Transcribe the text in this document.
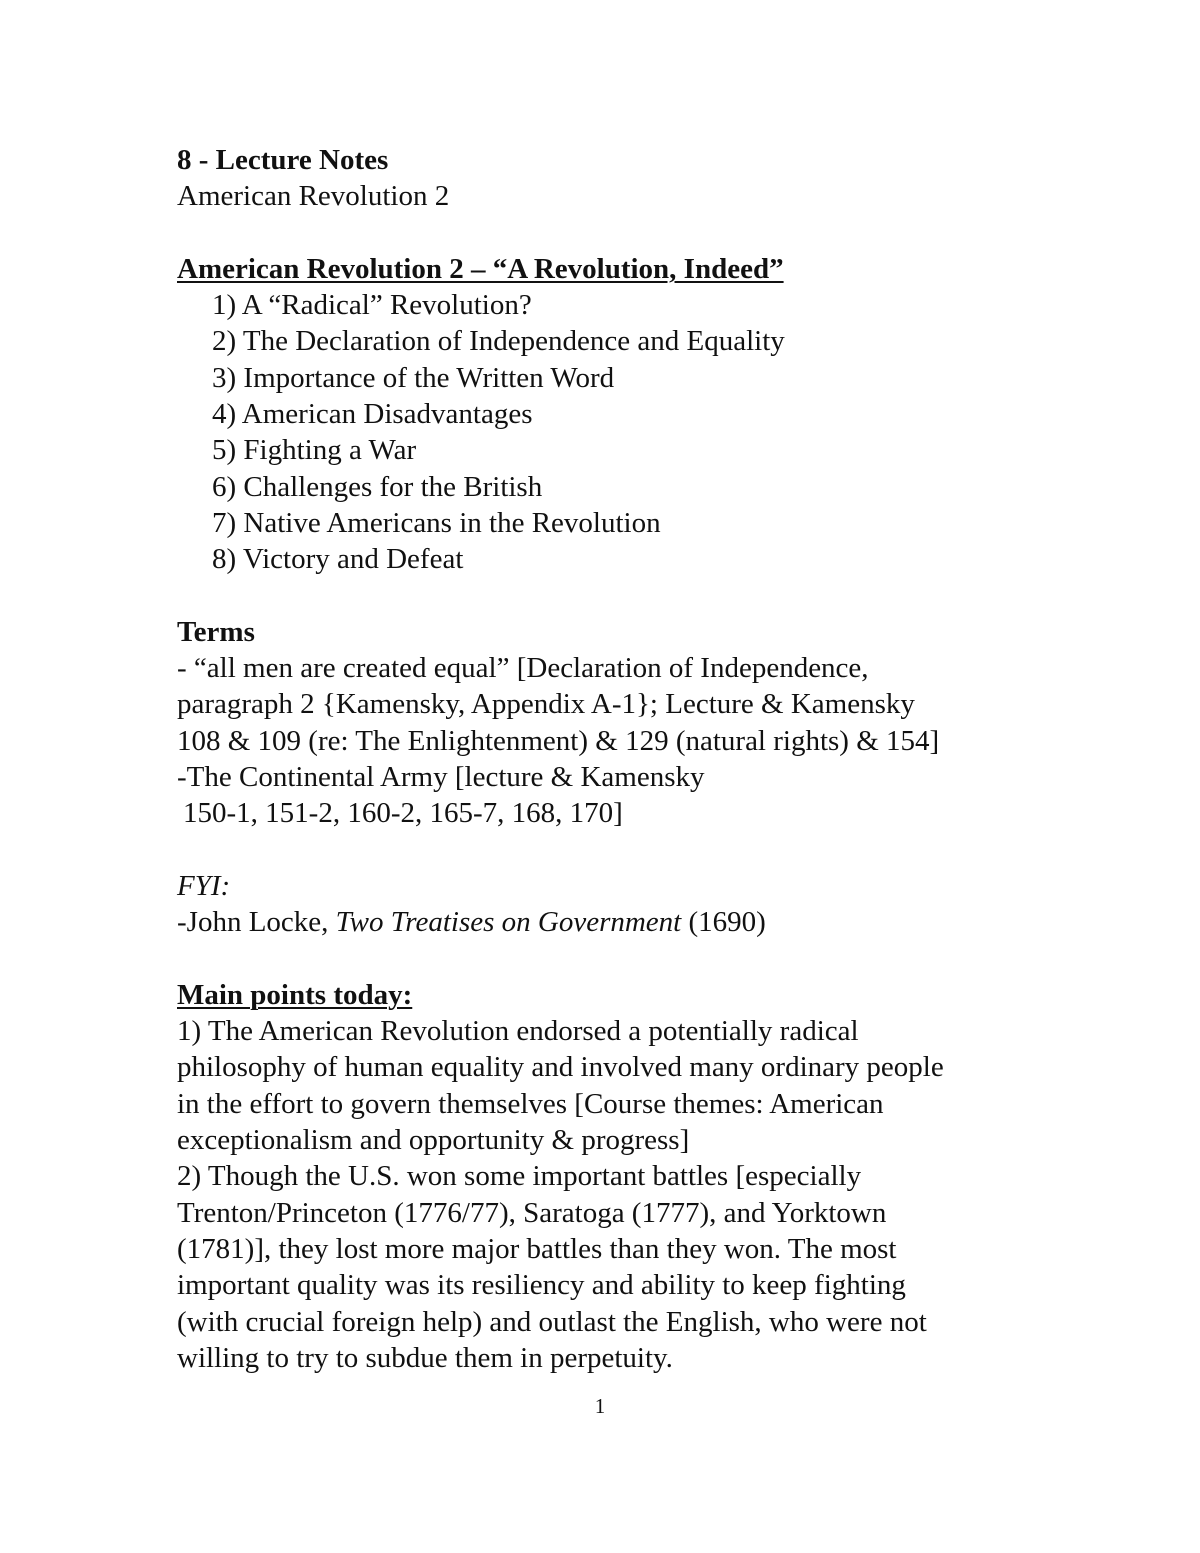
8 - Lecture Notes
American Revolution 2
American Revolution 2 – “A Revolution, Indeed”
1) A “Radical” Revolution?
2) The Declaration of Independence and Equality
3) Importance of the Written Word
4) American Disadvantages
5) Fighting a War
6) Challenges for the British
7) Native Americans in the Revolution
8) Victory and Defeat
Terms
- “all men are created equal” [Declaration of Independence,
paragraph 2 {Kamensky, Appendix A-1}; Lecture & Kamensky
108 & 109 (re: The Enlightenment) & 129 (natural rights) & 154]
-The Continental Army [lecture & Kamensky
150-1, 151-2, 160-2, 165-7, 168, 170]
FYI:
-John Locke, Two Treatises on Government (1690)
Main points today:
1) The American Revolution endorsed a potentially radical
philosophy of human equality and involved many ordinary people
in the effort to govern themselves [Course themes: American
exceptionalism and opportunity & progress]
2) Though the U.S. won some important battles [especially
Trenton/Princeton (1776/77), Saratoga (1777), and Yorktown
(1781)], they lost more major battles than they won. The most
important quality was its resiliency and ability to keep fighting
(with crucial foreign help) and outlast the English, who were not
willing to try to subdue them in perpetuity.
1
